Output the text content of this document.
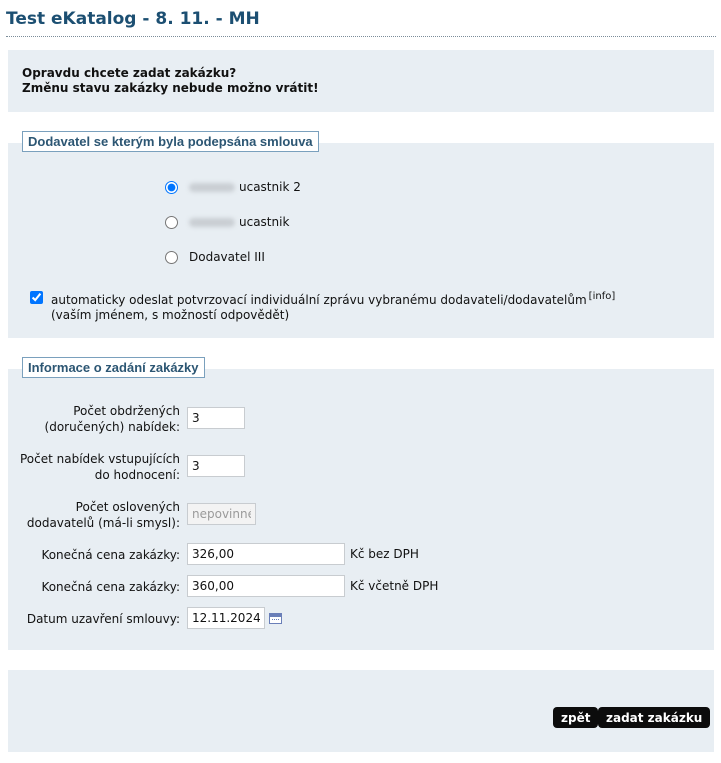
Test eKatalog - 8. 11. - MH
Opravdu chcete zadat zakázku?
Změnu stavu zakázky nebude možno vrátit!
Dodavatel se kterým byla podepsána smlouva
ucastnik 2
ucastnik
Dodavatel III
automaticky odeslat potvrzovací individuální zprávu vybranému dodavateli/dodavatelům [info]
(vaším jménem, s možností odpovědět)
Informace o zadání zakázky
Počet obdržených
(doručených) nabídek:
3
Počet nabídek vstupujících
do hodnocení:
3
Počet oslovených
dodavatelů (má-li smysl):
nepovinné
Konečná cena zakázky:
326,00	Kč bez DPH
Konečná cena zakázky:
360,00	Kč včetně DPH
Datum uzavření smlouvy:
12.11.2024
zpět	zadat zakázku
